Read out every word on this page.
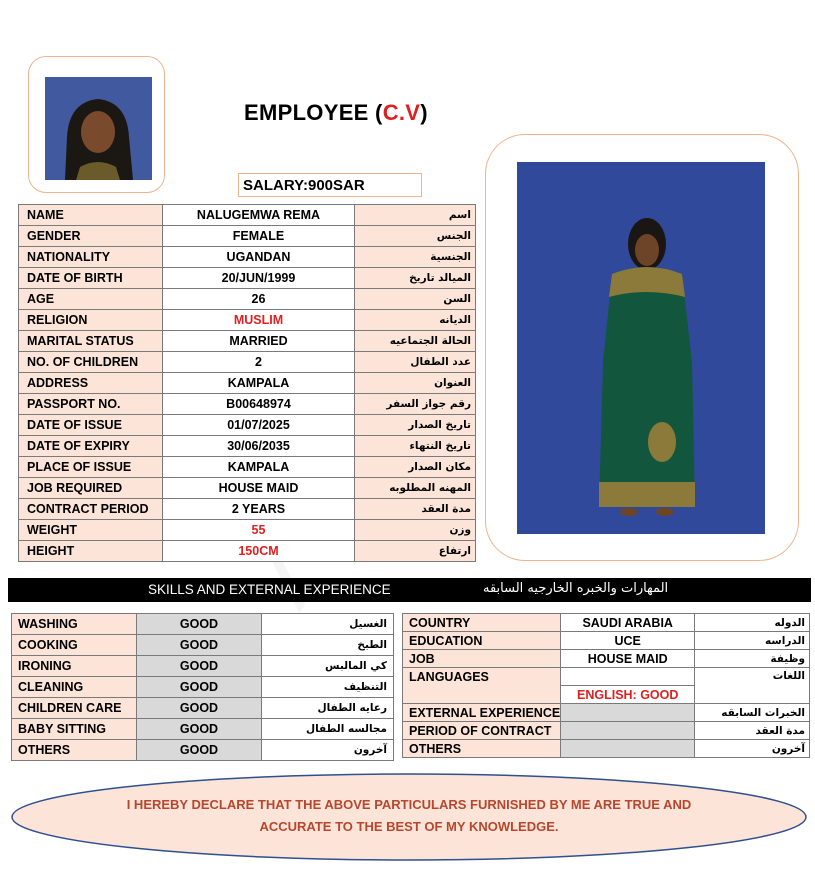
EMPLOYEE (C.V)
SALARY:900SAR
NAME	NALUGEMWA REMA	اسم
GENDER	FEMALE	الجنس
NATIONALITY	UGANDAN	الجنسية
DATE OF BIRTH	20/JUN/1999	الميالد تاريخ
AGE	26	السن
RELIGION	MUSLIM	الديانه
MARITAL STATUS	MARRIED	الحالة الجتماعيه
NO. OF CHILDREN	2	عدد الطفال
ADDRESS	KAMPALA	العنوان
PASSPORT NO.	B00648974	رقم جواز السفر
DATE OF ISSUE	01/07/2025	تاريخ الصدار
DATE OF EXPIRY	30/06/2035	تاريخ النتهاء
PLACE OF ISSUE	KAMPALA	مكان الصدار
JOB REQUIRED	HOUSE MAID	المهنه المطلوبه
CONTRACT PERIOD	2 YEARS	مدة العقد
WEIGHT	55	وزن
HEIGHT	150CM	ارتفاع
SKILLS AND EXTERNAL EXPERIENCE	المهارات والخبره الخارجيه السابقه
WASHING	GOOD	الغسيل
COOKING	GOOD	الطبخ
IRONING	GOOD	كي المالبس
CLEANING	GOOD	التنظيف
CHILDREN CARE	GOOD	رعايه الطفال
BABY SITTING	GOOD	مجالسه الطفال
OTHERS	GOOD	آخرون
COUNTRY	SAUDI ARABIA	الدوله
EDUCATION	UCE	الدراسه
JOB	HOUSE MAID	وظيفة
LANGUAGES		اللغات
	ENGLISH: GOOD	
EXTERNAL EXPERIENCE		الخبرات السابقه
PERIOD OF CONTRACT		مدة العقد
OTHERS		آخرون
I HEREBY DECLARE THAT THE ABOVE PARTICULARS FURNISHED BY ME ARE TRUE AND
ACCURATE TO THE BEST OF MY KNOWLEDGE.
